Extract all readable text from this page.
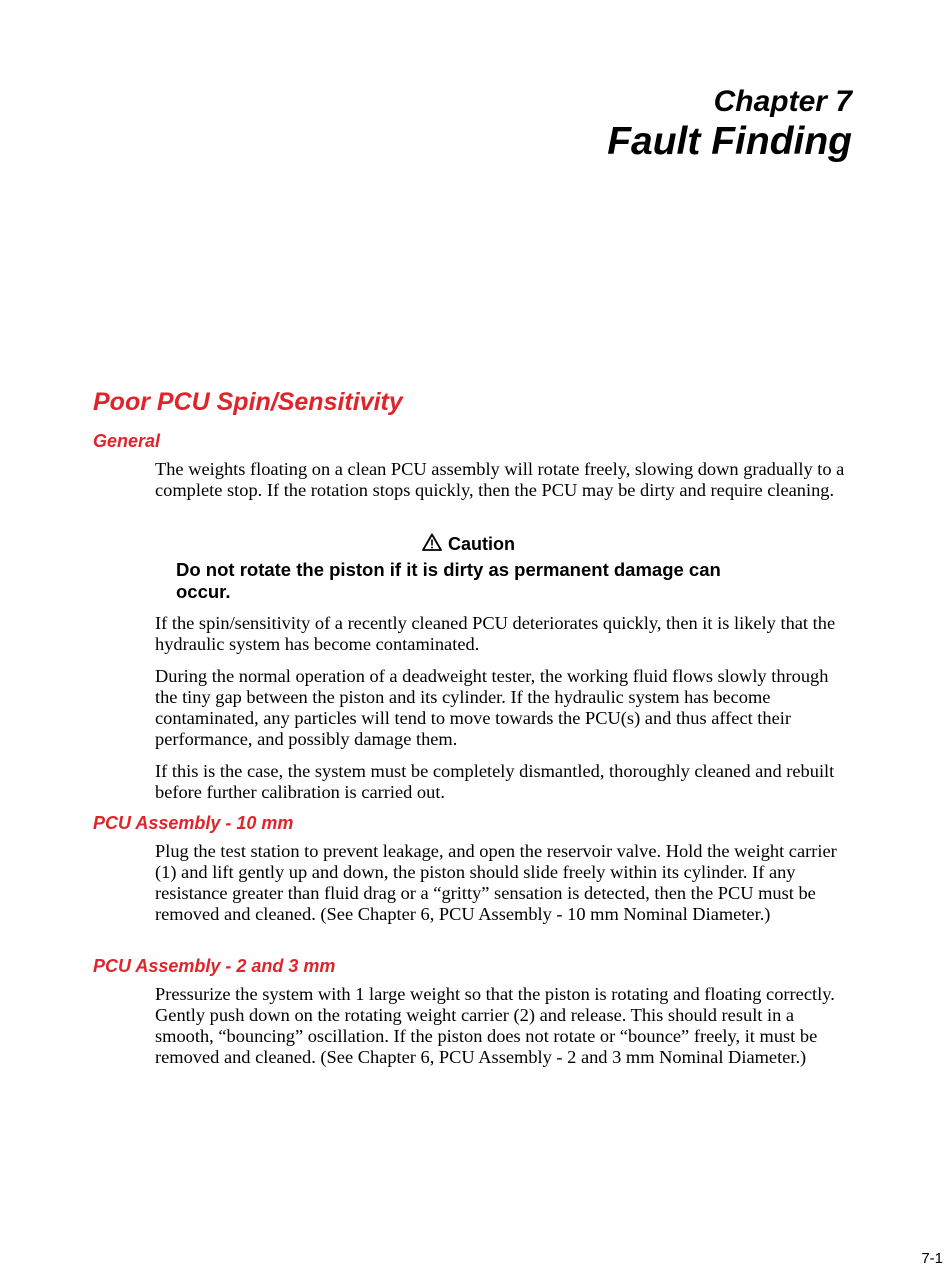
Chapter 7
Fault Finding
Poor PCU Spin/Sensitivity
General

The weights floating on a clean PCU assembly will rotate freely, slowing down gradually to a complete stop. If the rotation stops quickly, then the PCU may be dirty and require cleaning.

Caution

Do not rotate the piston if it is dirty as permanent damage can occur.

If the spin/sensitivity of a recently cleaned PCU deteriorates quickly, then it is likely that the hydraulic system has become contaminated.

During the normal operation of a deadweight tester, the working fluid flows slowly through the tiny gap between the piston and its cylinder. If the hydraulic system has become contaminated, any particles will tend to move towards the PCU(s) and thus affect their performance, and possibly damage them.

If this is the case, the system must be completely dismantled, thoroughly cleaned and rebuilt before further calibration is carried out.

PCU Assembly - 10 mm

Plug the test station to prevent leakage, and open the reservoir valve. Hold the weight carrier (1) and lift gently up and down, the piston should slide freely within its cylinder. If any resistance greater than fluid drag or a “gritty” sensation is detected, then the PCU must be removed and cleaned. (See Chapter 6, PCU Assembly - 10 mm Nominal Diameter.)

PCU Assembly - 2 and 3 mm

Pressurize the system with 1 large weight so that the piston is rotating and floating correctly. Gently push down on the rotating weight carrier (2) and release. This should result in a smooth, “bouncing” oscillation. If the piston does not rotate or “bounce” freely, it must be removed and cleaned. (See Chapter 6, PCU Assembly - 2 and 3 mm Nominal Diameter.)

7-1
